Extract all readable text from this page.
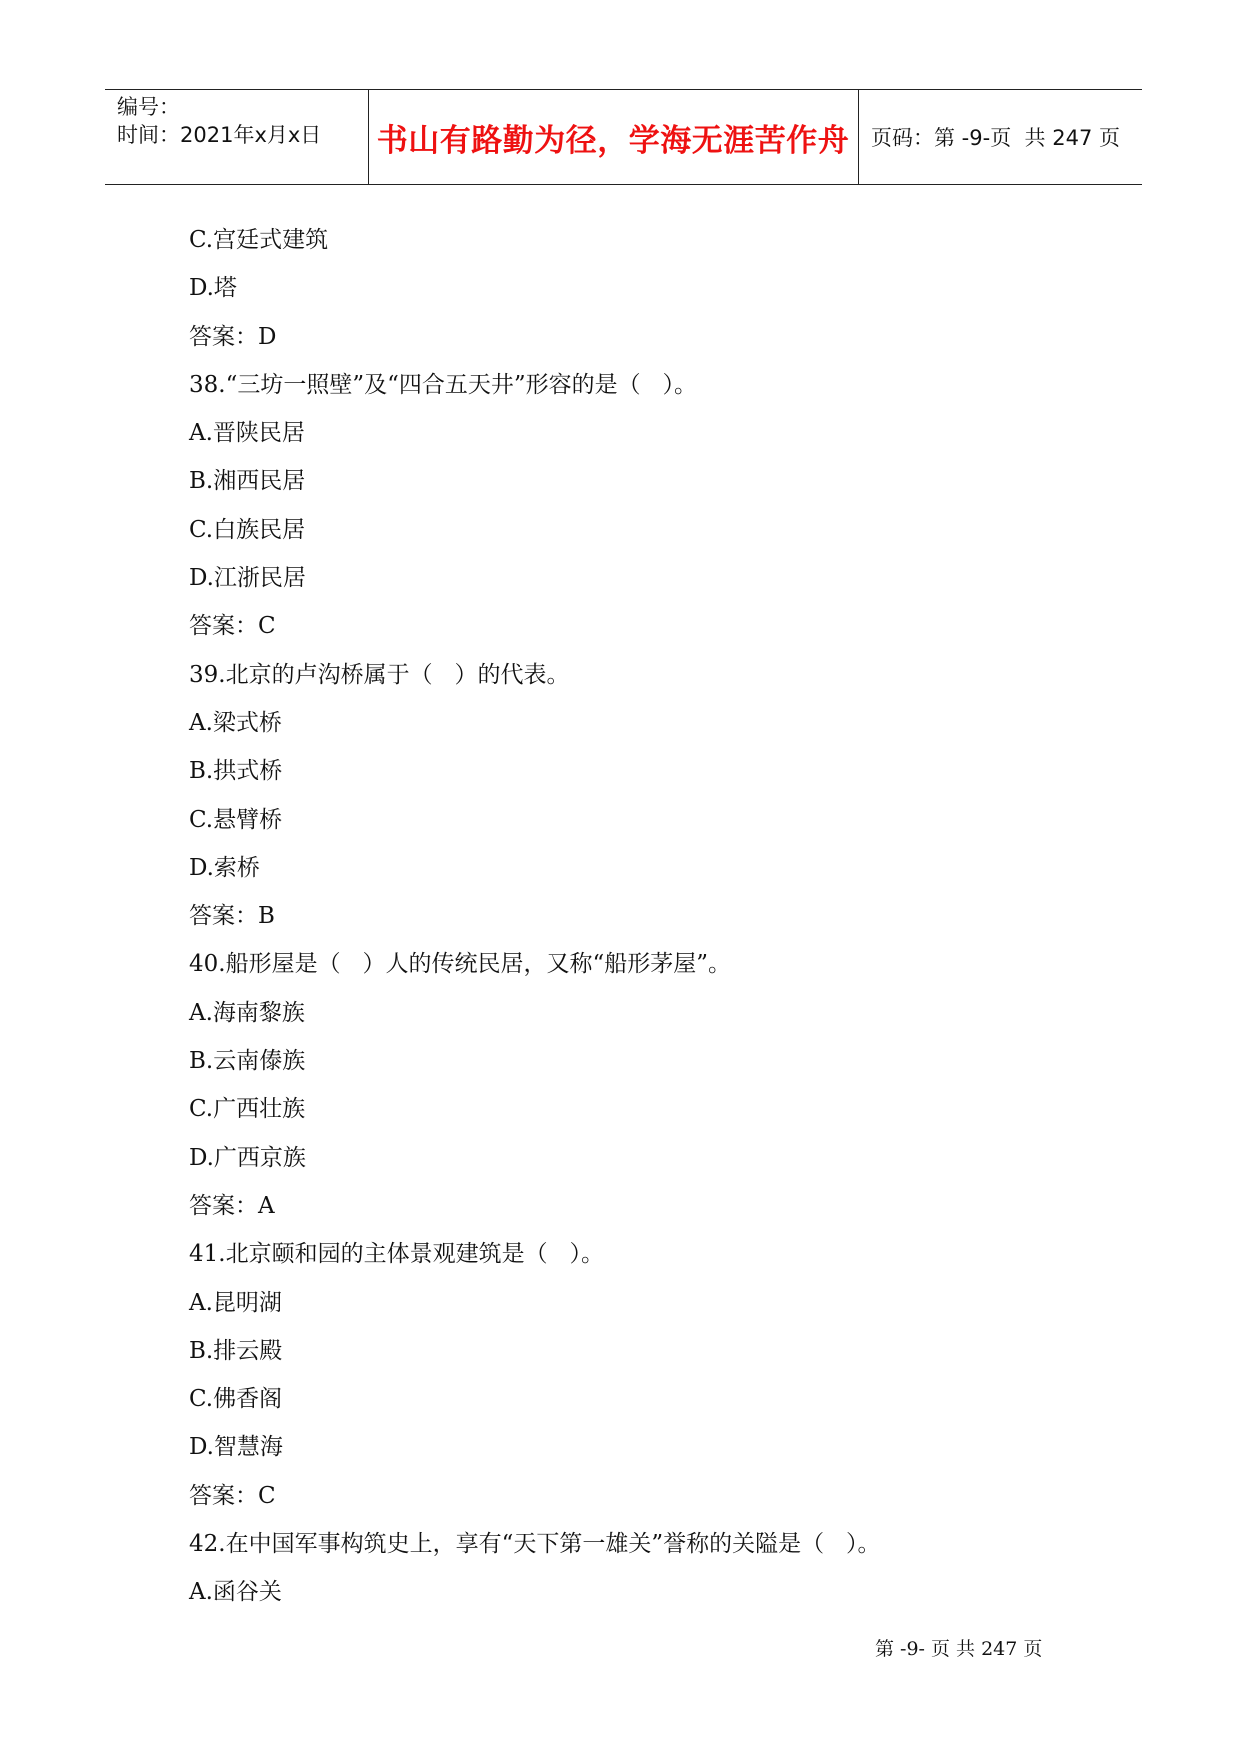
编号：
时间：2021年x月x日 书山有路勤为径，学海无涯苦作舟	页码：第 -9-页  共 247 页
C.宫廷式建筑
D.塔
答案：D
38.“三坊一照壁”及“四合五天井”形容的是（   ）。
A.晋陕民居
B.湘西民居
C.白族民居
D.江浙民居
答案：C
39.北京的卢沟桥属于（   ）的代表。
A.梁式桥
B.拱式桥
C.悬臂桥
D.索桥
答案：B
40.船形屋是（   ）人的传统民居，又称“船形茅屋”。
A.海南黎族
B.云南傣族
C.广西壮族
D.广西京族
答案：A
41.北京颐和园的主体景观建筑是（   ）。
A.昆明湖
B.排云殿
C.佛香阁
D.智慧海
答案：C
42.在中国军事构筑史上，享有“天下第一雄关”誉称的关隘是（   ）。
A.函谷关
第 -9- 页 共 247 页
